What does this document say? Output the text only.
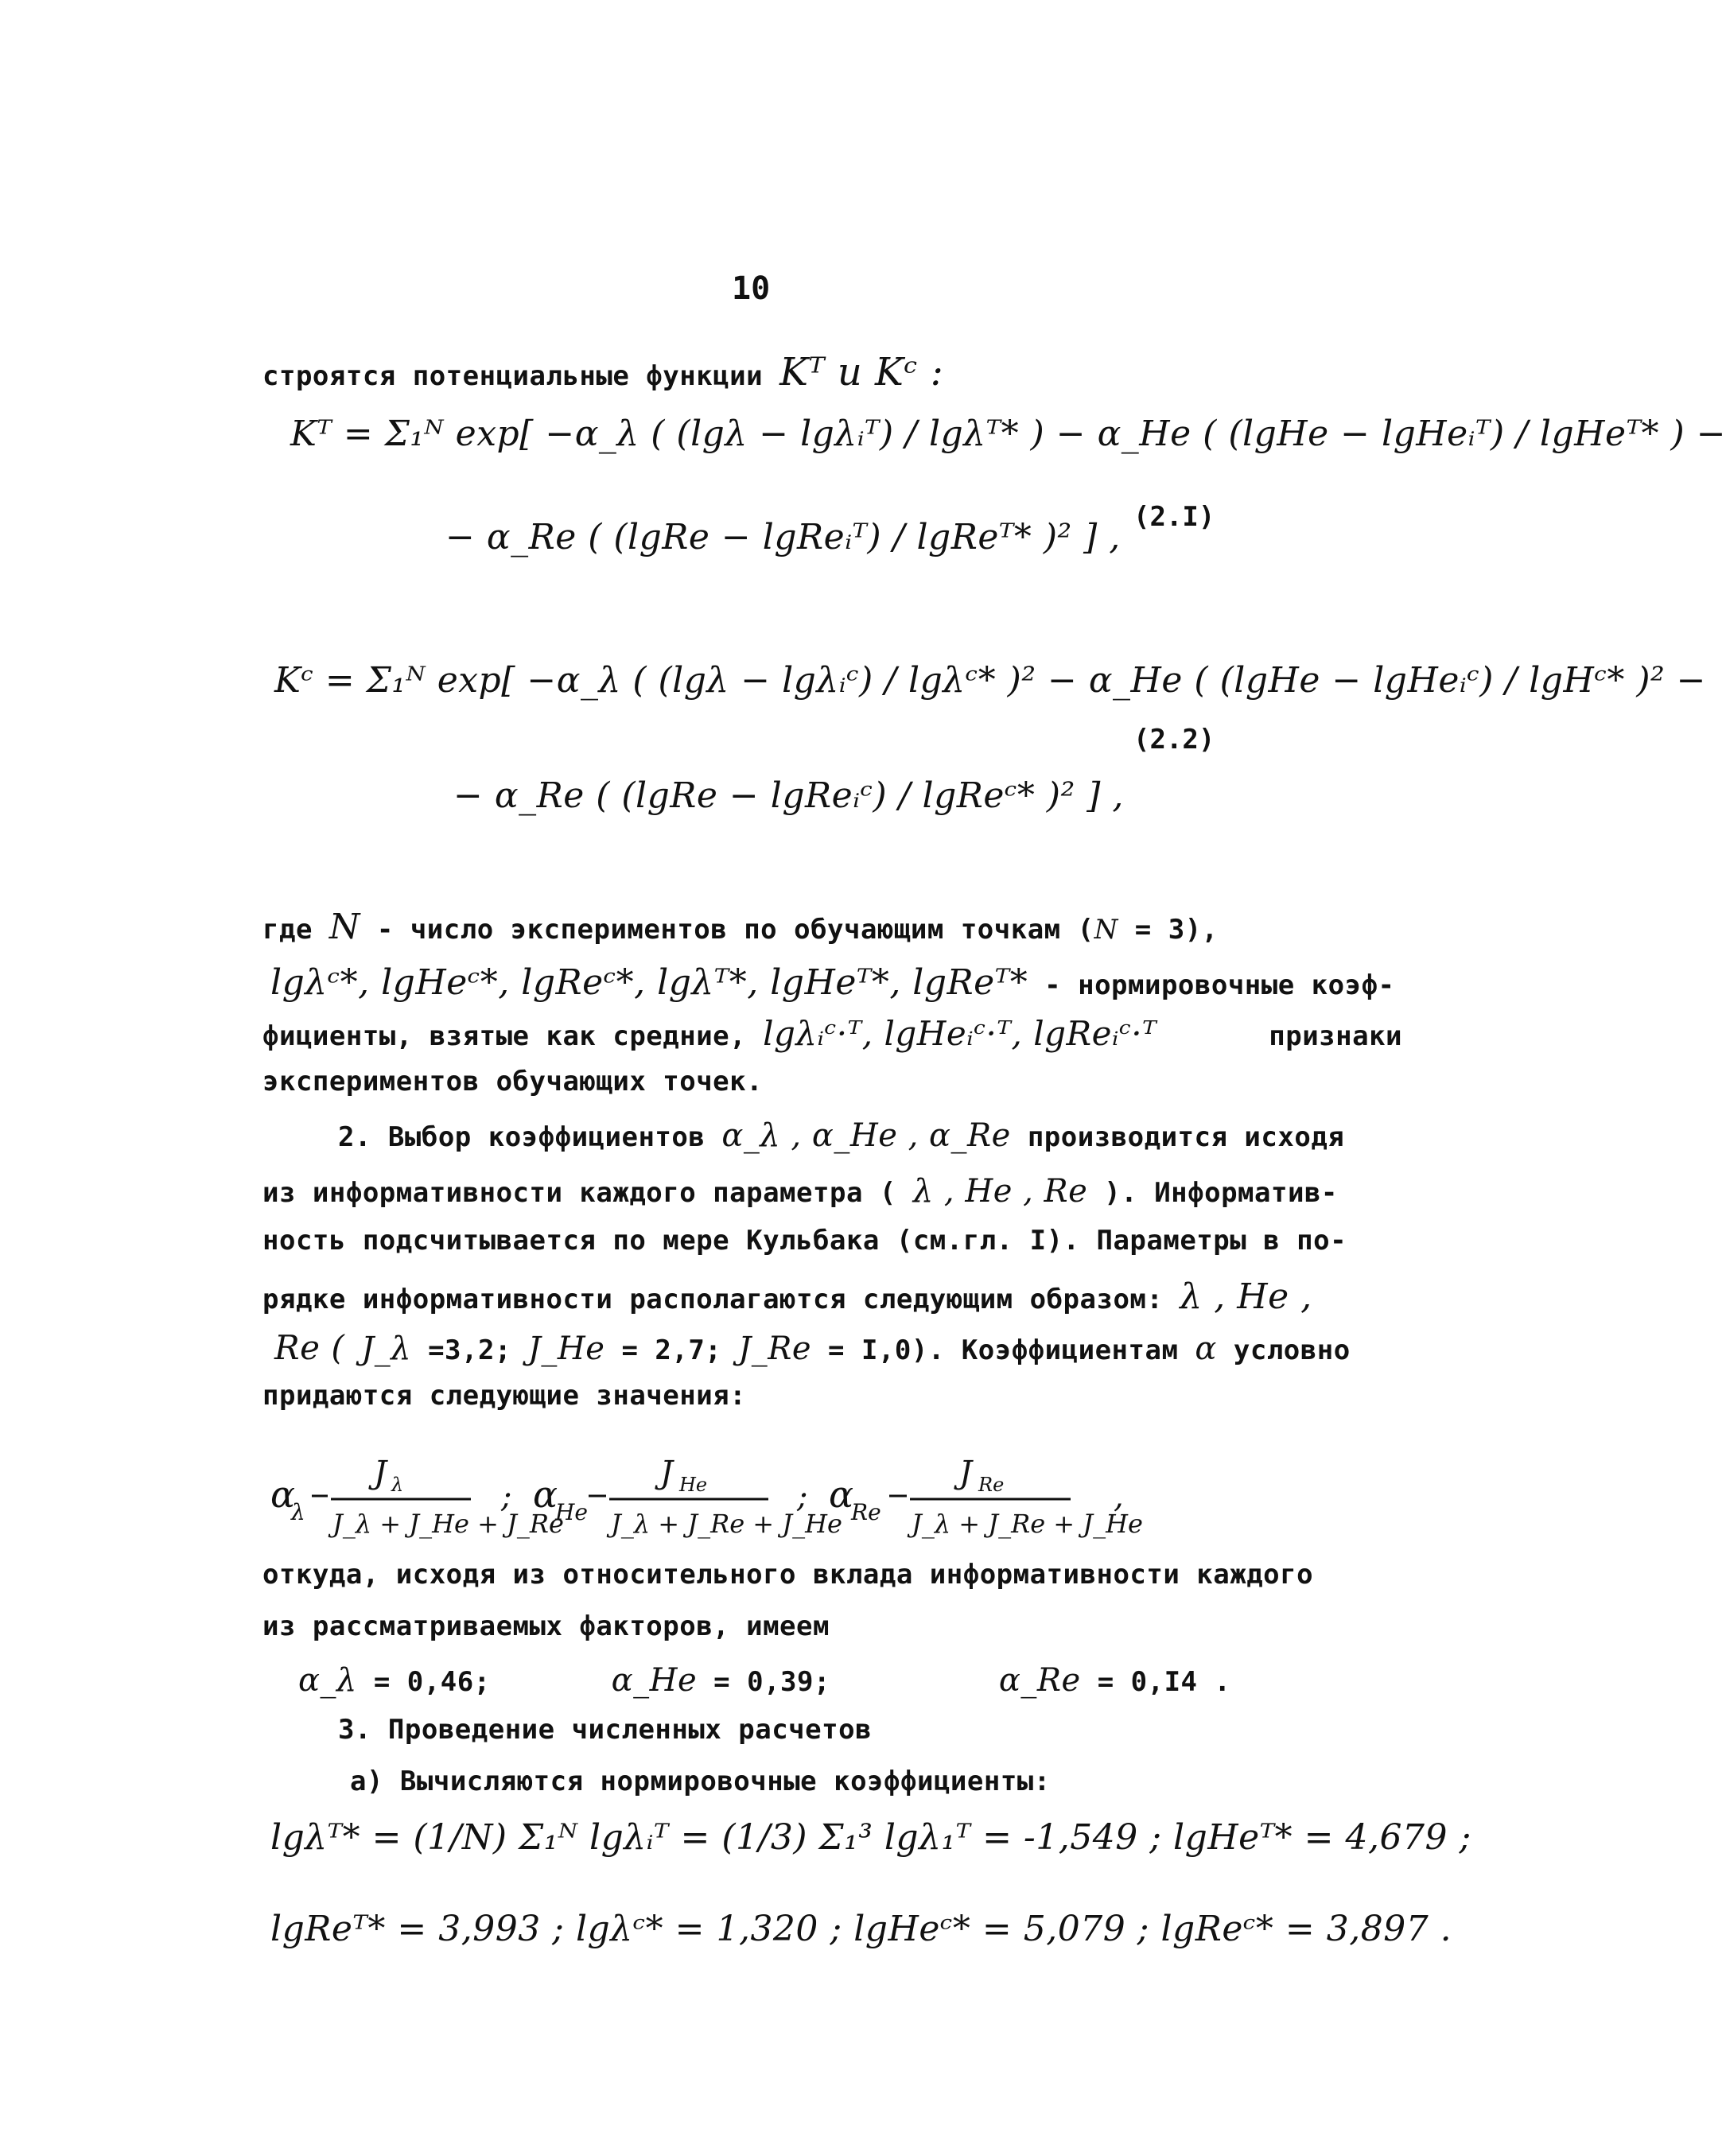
10
строятся потенциальные функции Kᵀ и Kᶜ :
Kᵀ = Σ₁ᴺ exp[ −α_λ ( (lgλ − lgλᵢᵀ) / lgλᵀ* ) − α_He ( (lgHe − lgHeᵢᵀ) / lgHeᵀ* ) −
− α_Re ( (lgRe − lgReᵢᵀ) / lgReᵀ* )² ] , (2.I)
Kᶜ = Σ₁ᴺ exp[ −α_λ ( (lgλ − lgλᵢᶜ) / lgλᶜ* )² − α_He ( (lgHe − lgHeᵢᶜ) / lgHᶜ* )² −
− α_Re ( (lgRe − lgReᵢᶜ) / lgReᶜ* )² ] ,
(2.2)
где N - число экспериментов по обучающим точкам (N = 3),
lgλᶜ*, lgHeᶜ*, lgReᶜ*, lgλᵀ*, lgHeᵀ*, lgReᵀ* - нормировочные коэф-
фициенты, взятые как средние, lgλᵢᶜ·ᵀ, lgHeᵢᶜ·ᵀ, lgReᵢᶜ·ᵀ	признаки
экспериментов обучающих точек.
2. Выбор коэффициентов α_λ , α_He , α_Re производится исходя
из информативности каждого параметра ( λ , He , Re ). Информатив-
ность подсчитывается по мере Кульбака (см.гл. I). Параметры в по-
рядке информативности располагаются следующим образом: λ , He ,
Re ( J_λ =3,2; J_He = 2,7; J_Re = I,0). Коэффициентам α условно
придаются следующие значения:
α
λ
J λ
J_λ + J_He + J_Re
; α
He
J He
J_λ + J_Re + J_He
; α
Re
J Re
J_λ + J_Re + J_He
,
откуда, исходя из относительного вклада информативности каждого
из рассматриваемых факторов, имеем
α_λ = 0,46;	α_He = 0,39;	α_Re = 0,I4 .
3. Проведение численных расчетов
а) Вычисляются нормировочные коэффициенты:
lgλᵀ* = (1/N) Σ₁ᴺ lgλᵢᵀ = (1/3) Σ₁³ lgλ₁ᵀ = -1,549 ; lgHeᵀ* = 4,679 ;
lgReᵀ* = 3,993 ; lgλᶜ* = 1,320 ; lgHeᶜ* = 5,079 ; lgReᶜ* = 3,897 .
